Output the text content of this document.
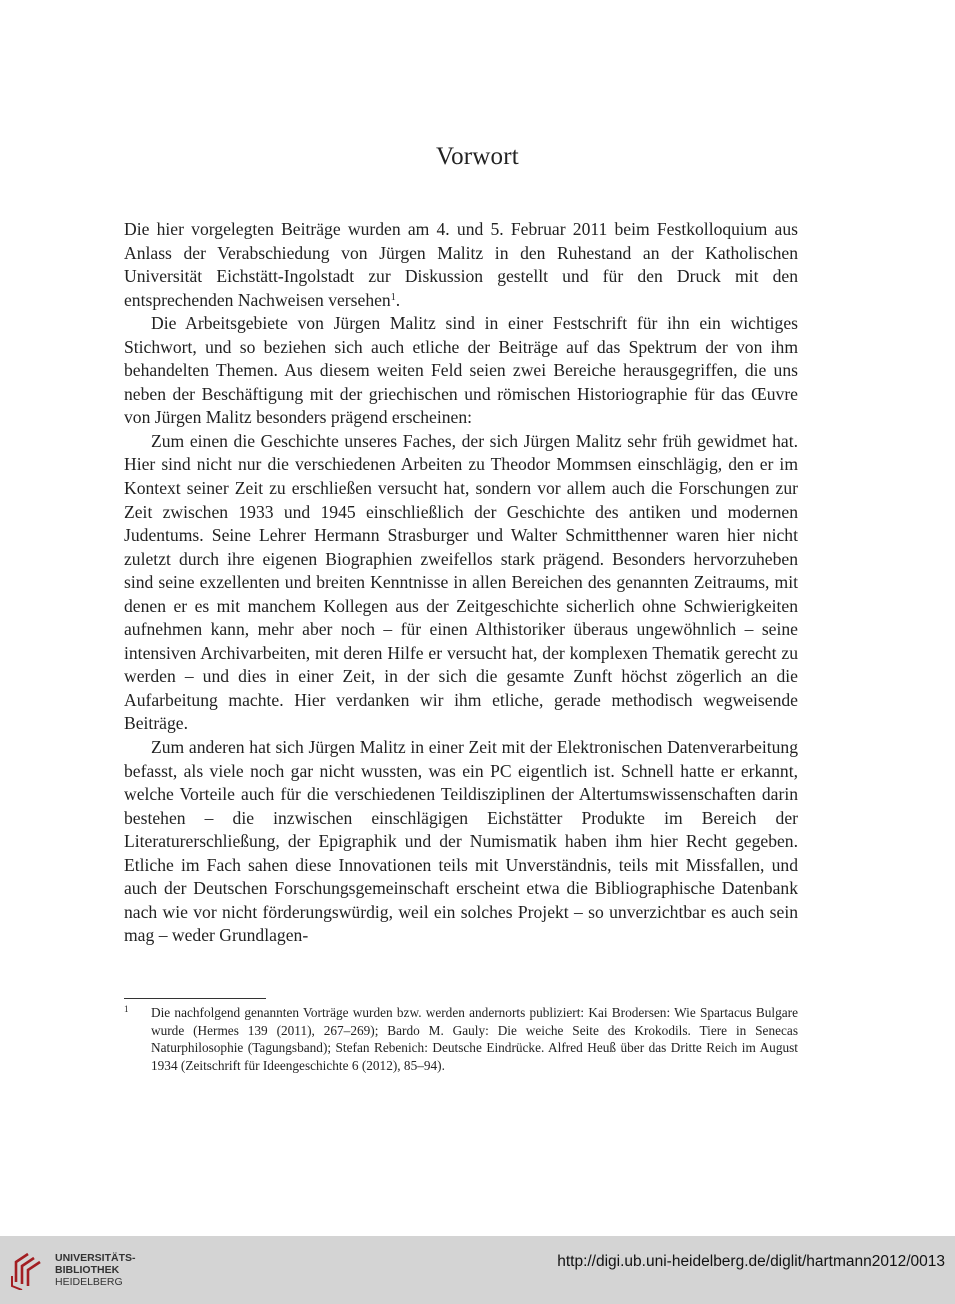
Vorwort

Die hier vorgelegten Beiträge wurden am 4. und 5. Februar 2011 beim Festkolloquium aus Anlass der Verabschiedung von Jürgen Malitz in den Ruhestand an der Katholischen Universität Eichstätt-Ingolstadt zur Diskussion gestellt und für den Druck mit den entsprechenden Nachweisen versehen$^1$.

Die Arbeitsgebiete von Jürgen Malitz sind in einer Festschrift für ihn ein wichtiges Stichwort, und so beziehen sich auch etliche der Beiträge auf das Spektrum der von ihm behandelten Themen. Aus diesem weiten Feld seien zwei Bereiche herausgegriffen, die uns neben der Beschäftigung mit der griechischen und römischen Historiographie für das Œuvre von Jürgen Malitz besonders prägend erscheinen:

Zum einen die Geschichte unseres Faches, der sich Jürgen Malitz sehr früh gewidmet hat. Hier sind nicht nur die verschiedenen Arbeiten zu Theodor Mommsen einschlägig, den er im Kontext seiner Zeit zu erschließen versucht hat, sondern vor allem auch die Forschungen zur Zeit zwischen 1933 und 1945 einschließlich der Geschichte des antiken und modernen Judentums. Seine Lehrer Hermann Strasburger und Walter Schmitthenner waren hier nicht zuletzt durch ihre eigenen Biographien zweifellos stark prägend. Besonders hervorzuheben sind seine exzellenten und breiten Kenntnisse in allen Bereichen des genannten Zeitraums, mit denen er es mit manchem Kollegen aus der Zeitgeschichte sicherlich ohne Schwierigkeiten aufnehmen kann, mehr aber noch – für einen Althistoriker überaus ungewöhnlich – seine intensiven Archivarbeiten, mit deren Hilfe er versucht hat, der komplexen Thematik gerecht zu werden – und dies in einer Zeit, in der sich die gesamte Zunft höchst zögerlich an die Aufarbeitung machte. Hier verdanken wir ihm etliche, gerade methodisch wegweisende Beiträge.

Zum anderen hat sich Jürgen Malitz in einer Zeit mit der Elektronischen Datenverarbeitung befasst, als viele noch gar nicht wussten, was ein PC eigentlich ist. Schnell hatte er erkannt, welche Vorteile auch für die verschiedenen Teildisziplinen der Altertumswissenschaften darin bestehen – die inzwischen einschlägigen Eichstätter Produkte im Bereich der Literaturerschließung, der Epigraphik und der Numismatik haben ihm hier Recht gegeben. Etliche im Fach sahen diese Innovationen teils mit Unverständnis, teils mit Missfallen, und auch der Deutschen Forschungsgemeinschaft erscheint etwa die Bibliographische Datenbank nach wie vor nicht förderungswürdig, weil ein solches Projekt – so unverzichtbar es auch sein mag – weder Grundlagen-

1 Die nachfolgend genannten Vorträge wurden bzw. werden andernorts publiziert: Kai Brodersen: Wie Spartacus Bulgare wurde (Hermes 139 (2011), 267–269); Bardo M. Gauly: Die weiche Seite des Krokodils. Tiere in Senecas Naturphilosophie (Tagungsband); Stefan Rebenich: Deutsche Eindrücke. Alfred Heuß über das Dritte Reich im August 1934 (Zeitschrift für Ideengeschichte 6 (2012), 85–94).

UNIVERSITÄTS-
BIBLIOTHEK
HEIDELBERG
http://digi.ub.uni-heidelberg.de/diglit/hartmann2012/0013
